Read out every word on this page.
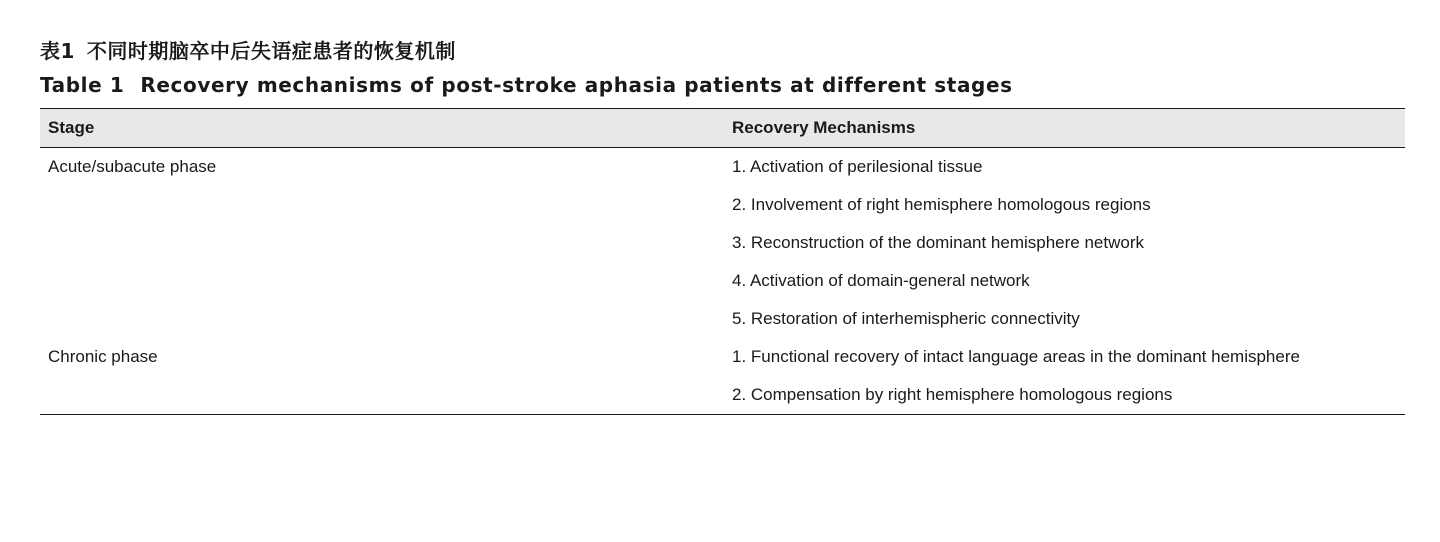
表1 不同时期脑卒中后失语症患者的恢复机制

Table 1 Recovery mechanisms of post-stroke aphasia patients at different stages

Stage	Recovery Mechanisms
Acute/subacute phase	1. Activation of perilesional tissue
	2. Involvement of right hemisphere homologous regions
	3. Reconstruction of the dominant hemisphere network
	4. Activation of domain-general network
	5. Restoration of interhemispheric connectivity
Chronic phase	1. Functional recovery of intact language areas in the dominant hemisphere
	2. Compensation by right hemisphere homologous regions
